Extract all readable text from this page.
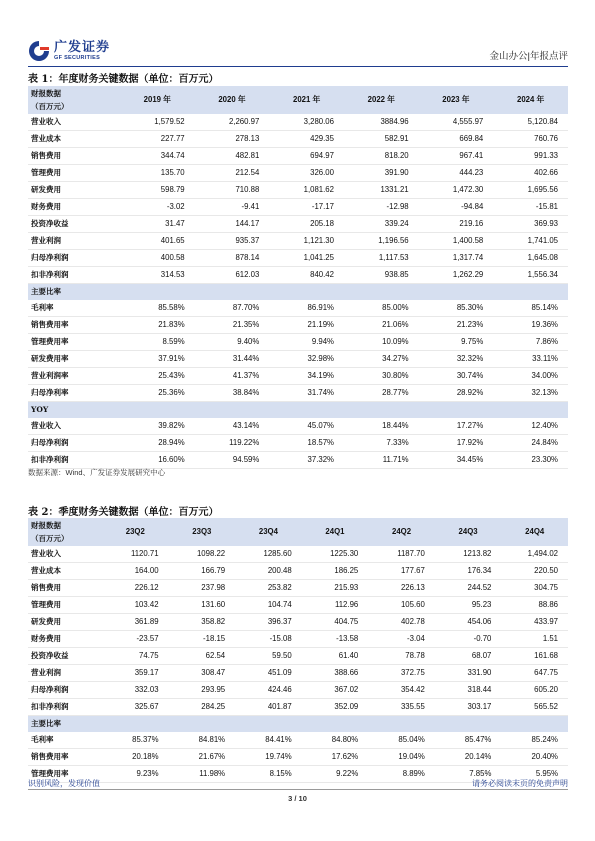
广发证券
GF SECURITIES	金山办公|年报点评
表 1：年度财务关键数据（单位：百万元）
财报数据
（百万元）	2019 年	2020 年	2021 年	2022 年	2023 年	2024 年
营业收入	1,579.52	2,260.97	3,280.06	3884.96	4,555.97	5,120.84
营业成本	227.77	278.13	429.35	582.91	669.84	760.76
销售费用	344.74	482.81	694.97	818.20	967.41	991.33
管理费用	135.70	212.54	326.00	391.90	444.23	402.66
研发费用	598.79	710.88	1,081.62	1331.21	1,472.30	1,695.56
财务费用	-3.02	-9.41	-17.17	-12.98	-94.84	-15.81
投资净收益	31.47	144.17	205.18	339.24	219.16	369.93
营业利润	401.65	935.37	1,121.30	1,196.56	1,400.58	1,741.05
归母净利润	400.58	878.14	1,041.25	1,117.53	1,317.74	1,645.08
扣非净利润	314.53	612.03	840.42	938.85	1,262.29	1,556.34
主要比率						
毛利率	85.58%	87.70%	86.91%	85.00%	85.30%	85.14%
销售费用率	21.83%	21.35%	21.19%	21.06%	21.23%	19.36%
管理费用率	8.59%	9.40%	9.94%	10.09%	9.75%	7.86%
研发费用率	37.91%	31.44%	32.98%	34.27%	32.32%	33.11%
营业利润率	25.43%	41.37%	34.19%	30.80%	30.74%	34.00%
归母净利率	25.36%	38.84%	31.74%	28.77%	28.92%	32.13%
YOY						
营业收入	39.82%	43.14%	45.07%	18.44%	17.27%	12.40%
归母净利润	28.94%	119.22%	18.57%	7.33%	17.92%	24.84%
扣非净利润	16.60%	94.59%	37.32%	11.71%	34.45%	23.30%
数据来源：Wind、广发证券发展研究中心
表 2：季度财务关键数据（单位：百万元）
财报数据
（百万元）	23Q2	23Q3	23Q4	24Q1	24Q2	24Q3	24Q4
营业收入	1120.71	1098.22	1285.60	1225.30	1187.70	1213.82	1,494.02
营业成本	164.00	166.79	200.48	186.25	177.67	176.34	220.50
销售费用	226.12	237.98	253.82	215.93	226.13	244.52	304.75
管理费用	103.42	131.60	104.74	112.96	105.60	95.23	88.86
研发费用	361.89	358.82	396.37	404.75	402.78	454.06	433.97
财务费用	-23.57	-18.15	-15.08	-13.58	-3.04	-0.70	1.51
投资净收益	74.75	62.54	59.50	61.40	78.78	68.07	161.68
营业利润	359.17	308.47	451.09	388.66	372.75	331.90	647.75
归母净利润	332.03	293.95	424.46	367.02	354.42	318.44	605.20
扣非净利润	325.67	284.25	401.87	352.09	335.55	303.17	565.52
主要比率							
毛利率	85.37%	84.81%	84.41%	84.80%	85.04%	85.47%	85.24%
销售费用率	20.18%	21.67%	19.74%	17.62%	19.04%	20.14%	20.40%
管理费用率	9.23%	11.98%	8.15%	9.22%	8.89%	7.85%	5.95%
识别风险，发现价值	请务必阅读末页的免责声明
3 / 10
